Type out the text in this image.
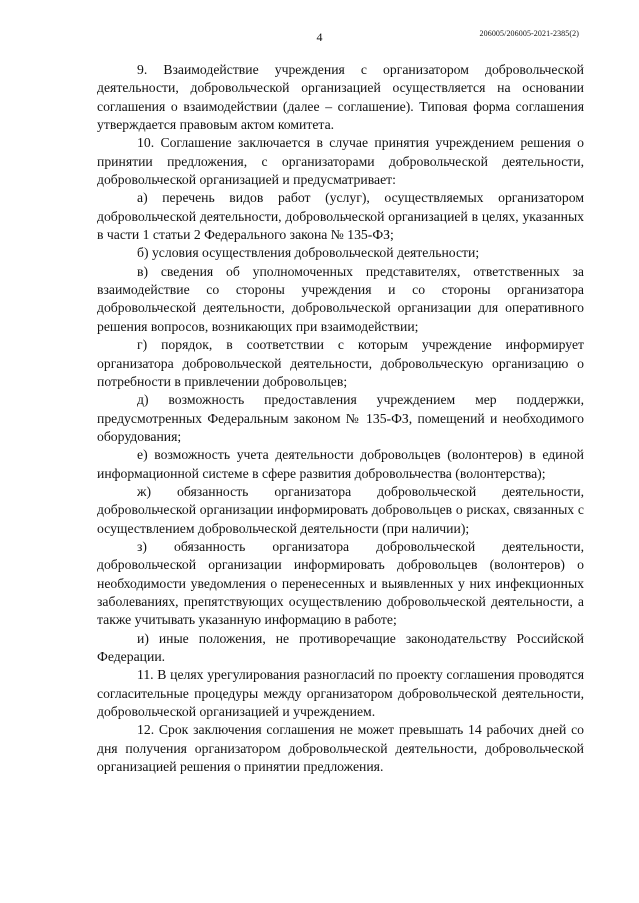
4	206005/206005-2021-2385(2)

9. Взаимодействие учреждения с организатором добровольческой деятельности, добровольческой организацией осуществляется на основании соглашения о взаимодействии (далее – соглашение). Типовая форма соглашения утверждается правовым актом комитета.

10. Соглашение заключается в случае принятия учреждением решения о принятии предложения, с организаторами добровольческой деятельности, добровольческой организацией и предусматривает:

а) перечень видов работ (услуг), осуществляемых организатором добровольческой деятельности, добровольческой организацией в целях, указанных в части 1 статьи 2 Федерального закона № 135-ФЗ;

б) условия осуществления добровольческой деятельности;

в) сведения об уполномоченных представителях, ответственных за взаимодействие со стороны учреждения и со стороны организатора добровольческой деятельности, добровольческой организации для оперативного решения вопросов, возникающих при взаимодействии;

г) порядок, в соответствии с которым учреждение информирует организатора добровольческой деятельности, добровольческую организацию о потребности в привлечении добровольцев;

д) возможность предоставления учреждением мер поддержки, предусмотренных Федеральным законом № 135-ФЗ, помещений и необходимого оборудования;

е) возможность учета деятельности добровольцев (волонтеров) в единой информационной системе в сфере развития добровольчества (волонтерства);

ж) обязанность организатора добровольческой деятельности, добровольческой организации информировать добровольцев о рисках, связанных с осуществлением добровольческой деятельности (при наличии);

з) обязанность организатора добровольческой деятельности, добровольческой организации информировать добровольцев (волонтеров) о необходимости уведомления о перенесенных и выявленных у них инфекционных заболеваниях, препятствующих осуществлению добровольческой деятельности, а также учитывать указанную информацию в работе;

и) иные положения, не противоречащие законодательству Российской Федерации.

11. В целях урегулирования разногласий по проекту соглашения проводятся согласительные процедуры между организатором добровольческой деятельности, добровольческой организацией и учреждением.

12. Срок заключения соглашения не может превышать 14 рабочих дней со дня получения организатором добровольческой деятельности, добровольческой организацией решения о принятии предложения.
